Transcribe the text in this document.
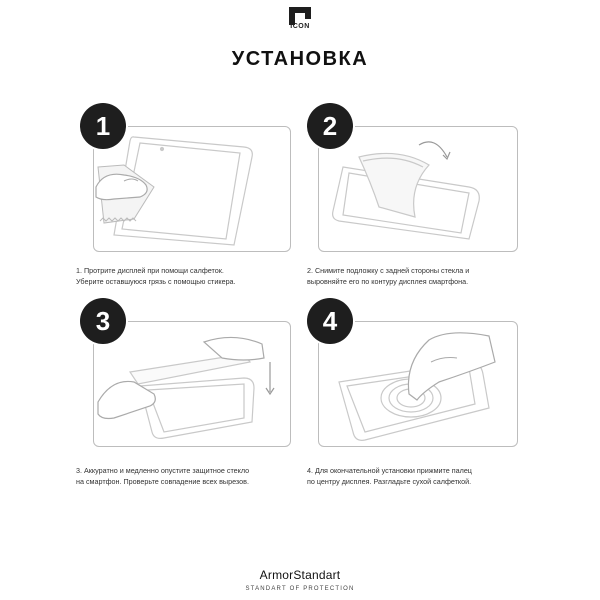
ICON
УСТАНОВКА
1
1. Протрите дисплей при помощи салфеток.
Уберите оставшуюся грязь с помощью стикера.
2
2. Снимите подложку с задней стороны стекла и
выровняйте его по контуру дисплея смартфона.
3
3. Аккуратно и медленно опустите защитное стекло
на смартфон. Проверьте совпадение всех вырезов.
4
4. Для окончательной установки прижмите палец
по центру дисплея. Разгладьте сухой салфеткой.
ArmorStandart
STANDART OF PROTECTION
